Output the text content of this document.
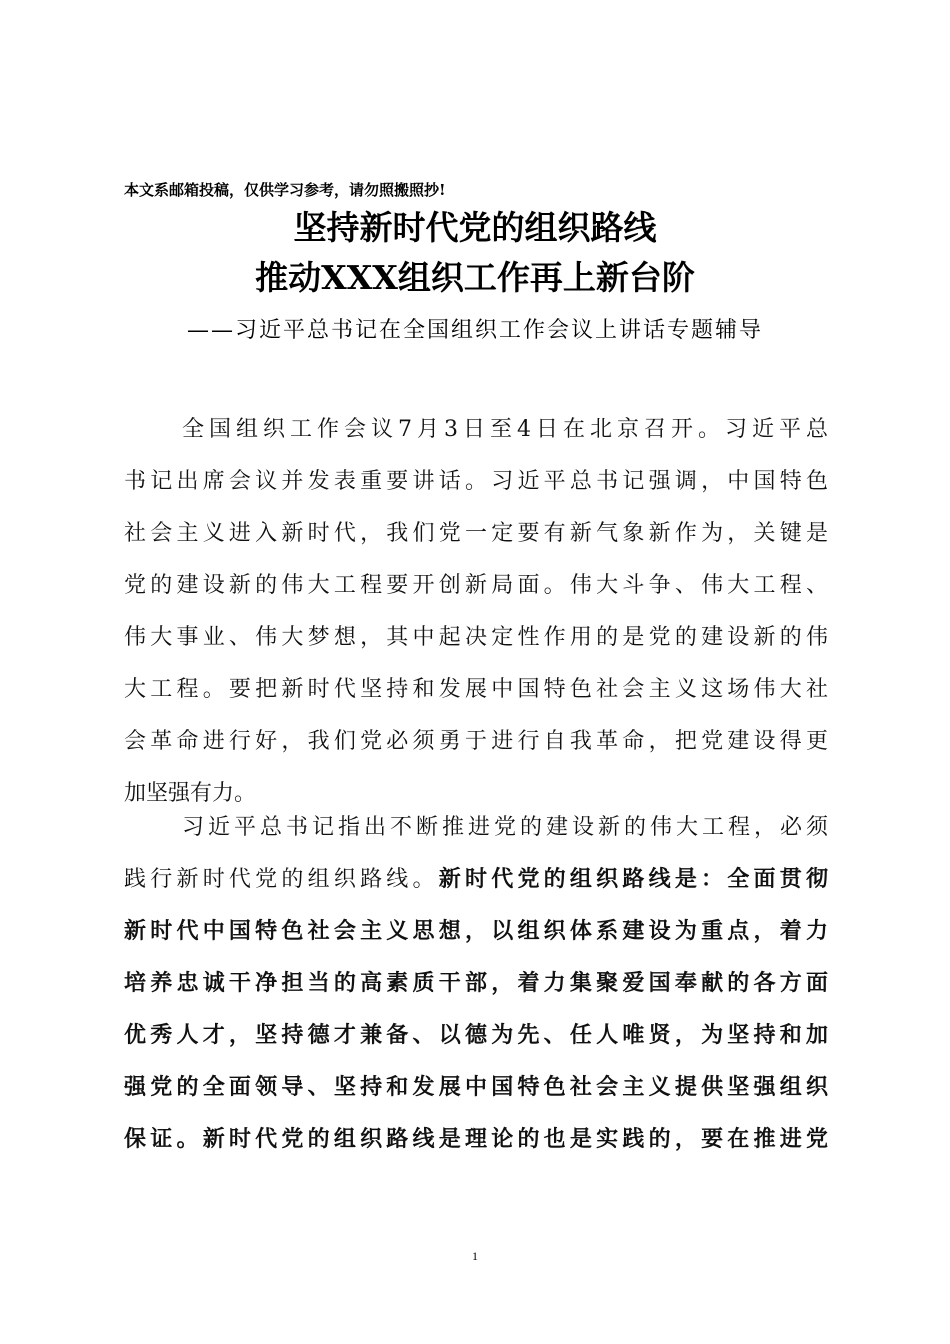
本文系邮箱投稿，仅供学习参考，请勿照搬照抄!
坚持新时代党的组织路线
推动XXX组织工作再上新台阶
——习近平总书记在全国组织工作会议上讲话专题辅导
全国组织工作会议7月3日至4日在北京召开。习近平总
书记出席会议并发表重要讲话。习近平总书记强调，中国特色
社会主义进入新时代，我们党一定要有新气象新作为，关键是
党的建设新的伟大工程要开创新局面。伟大斗争、伟大工程、
伟大事业、伟大梦想，其中起决定性作用的是党的建设新的伟
大工程。要把新时代坚持和发展中国特色社会主义这场伟大社
会革命进行好，我们党必须勇于进行自我革命，把党建设得更
加坚强有力。
习近平总书记指出不断推进党的建设新的伟大工程，必须
践行新时代党的组织路线。新时代党的组织路线是：全面贯彻
新时代中国特色社会主义思想，以组织体系建设为重点，着力
培养忠诚干净担当的高素质干部，着力集聚爱国奉献的各方面
优秀人才，坚持德才兼备、以德为先、任人唯贤，为坚持和加
强党的全面领导、坚持和发展中国特色社会主义提供坚强组织
保证。新时代党的组织路线是理论的也是实践的，要在推进党
1
